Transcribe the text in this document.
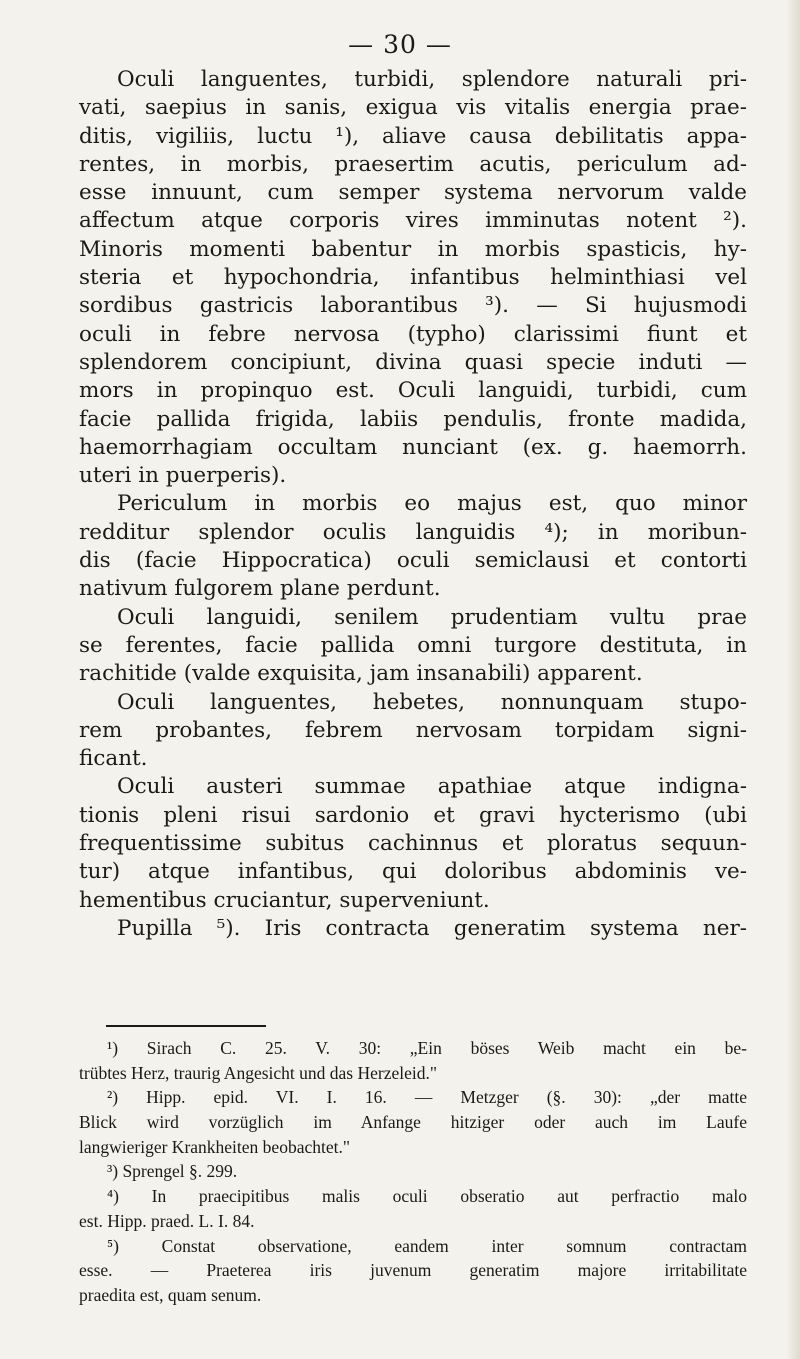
— 30 —
Oculi languentes, turbidi, splendore naturali pri-
vati, saepius in sanis, exigua vis vitalis energia prae-
ditis, vigiliis, luctu ¹), aliave causa debilitatis appa-
rentes, in morbis, praesertim acutis, periculum ad-
esse innuunt, cum semper systema nervorum valde
affectum atque corporis vires imminutas notent ²).
Minoris momenti babentur in morbis spasticis, hy-
steria et hypochondria, infantibus helminthiasi vel
sordibus gastricis laborantibus ³). — Si hujusmodi
oculi in febre nervosa (typho) clarissimi fiunt et
splendorem concipiunt, divina quasi specie induti —
mors in propinquo est. Oculi languidi, turbidi, cum
facie pallida frigida, labiis pendulis, fronte madida,
haemorrhagiam occultam nunciant (ex. g. haemorrh.
uteri in puerperis).
Periculum in morbis eo majus est, quo minor
redditur splendor oculis languidis ⁴); in moribun-
dis (facie Hippocratica) oculi semiclausi et contorti
nativum fulgorem plane perdunt.
Oculi languidi, senilem prudentiam vultu prae
se ferentes, facie pallida omni turgore destituta, in
rachitide (valde exquisita, jam insanabili) apparent.
Oculi languentes, hebetes, nonnunquam stupo-
rem probantes, febrem nervosam torpidam signi-
ficant.
Oculi austeri summae apathiae atque indigna-
tionis pleni risui sardonio et gravi hycterismo (ubi
frequentissime subitus cachinnus et ploratus sequun-
tur) atque infantibus, qui doloribus abdominis ve-
hementibus cruciantur, superveniunt.
Pupilla ⁵). Iris contracta generatim systema ner-
¹) Sirach C. 25. V. 30: „Ein böses Weib macht ein be-
trübtes Herz, traurig Angesicht und das Herzeleid."
²) Hipp. epid. VI. I. 16. — Metzger (§. 30): „der matte
Blick wird vorzüglich im Anfange hitziger oder auch im Laufe
langwieriger Krankheiten beobachtet."
³) Sprengel §. 299.
⁴) In praecipitibus malis oculi obseratio aut perfractio malo
est. Hipp. praed. L. I. 84.
⁵) Constat observatione, eandem inter somnum contractam
esse. — Praeterea iris juvenum generatim majore irritabilitate
praedita est, quam senum.
